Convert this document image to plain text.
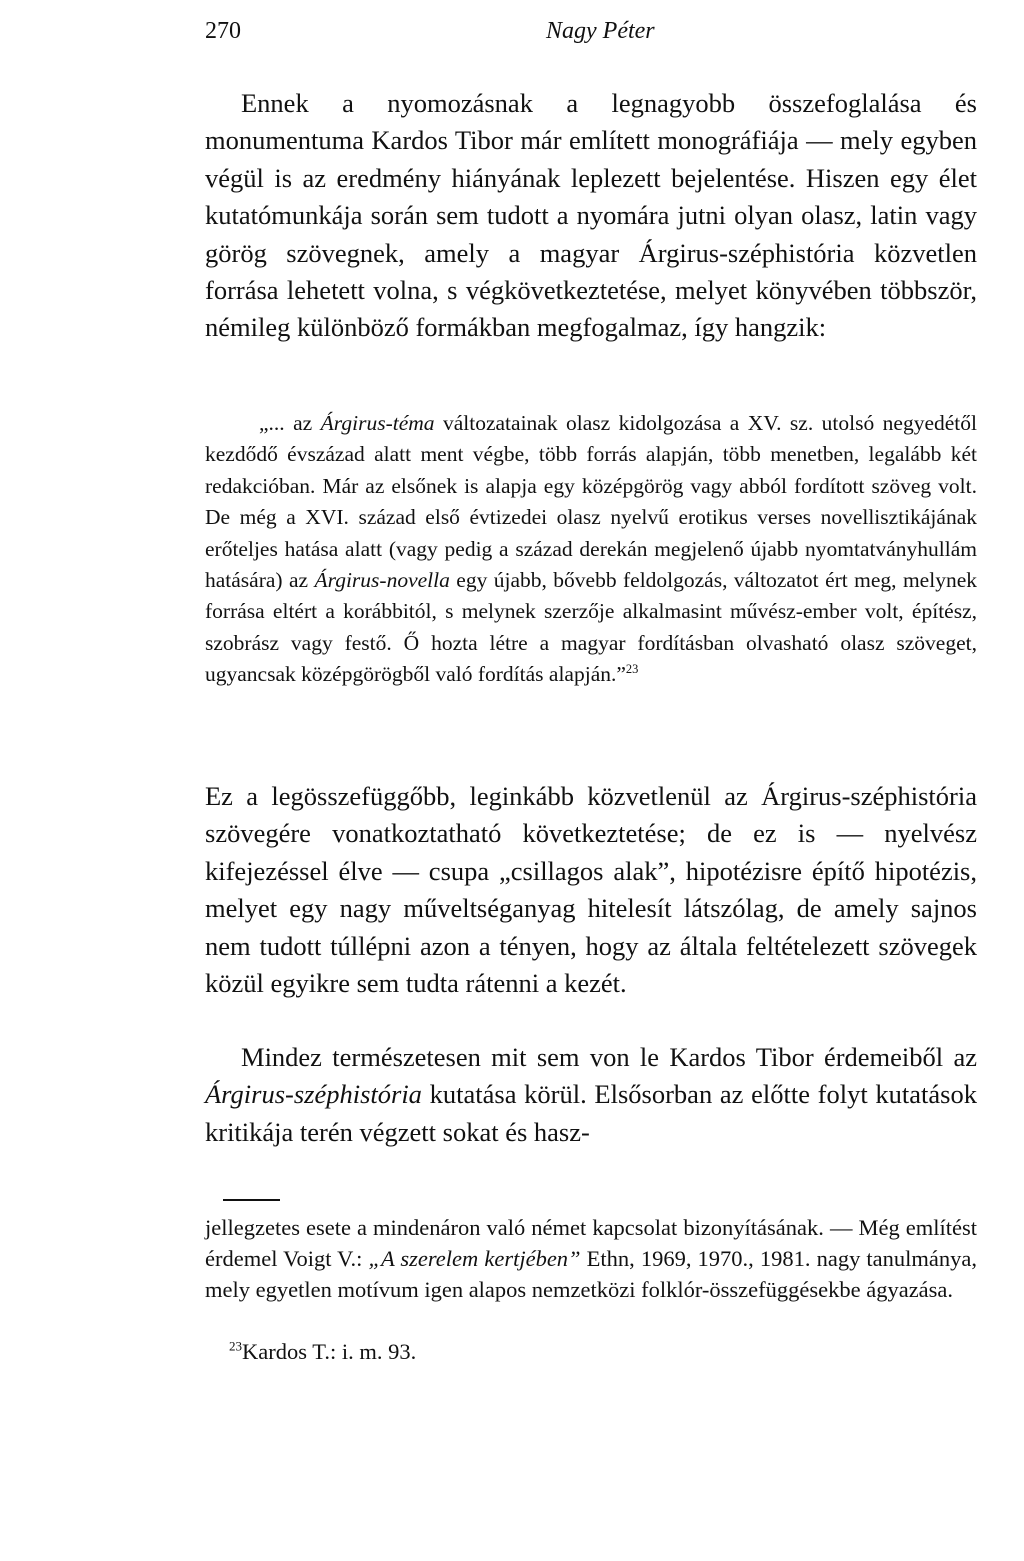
270	Nagy Péter

Ennek a nyomozásnak a legnagyobb összefoglalása és monumentuma Kardos Tibor már említett monográfiája — mely egyben végül is az eredmény hiányának leplezett bejelentése. Hiszen egy élet kutatómunkája során sem tudott a nyomára jutni olyan olasz, latin vagy görög szövegnek, amely a magyar Árgirus-széphistória közvetlen forrása lehetett volna, s végkövetkeztetése, melyet könyvében többször, némileg különböző formákban megfogalmaz, így hangzik:

„... az Árgirus-téma változatainak olasz kidolgozása a XV. sz. utolsó negyedétől kezdődő évszázad alatt ment végbe, több forrás alapján, több menetben, legalább két redakcióban. Már az elsőnek is alapja egy középgörög vagy abból fordított szöveg volt. De még a XVI. század első évtizedei olasz nyelvű erotikus verses novellisztikájának erőteljes hatása alatt (vagy pedig a század derekán megjelenő újabb nyomtatványhullám hatására) az Árgirus-novella egy újabb, bővebb feldolgozás, változatot ért meg, melynek forrása eltért a korábbitól, s melynek szerzője alkalmasint művész-ember volt, építész, szobrász vagy festő. Ő hozta létre a magyar fordításban olvasható olasz szöveget, ugyancsak középgörögből való fordítás alapján.”$^{23}$

Ez a legösszefüggőbb, leginkább közvetlenül az Árgirus-széphistória szövegére vonatkoztatható következtetése; de ez is — nyelvész kifejezéssel élve — csupa „csillagos alak”, hipotézisre építő hipotézis, melyet egy nagy műveltséganyag hitelesít látszólag, de amely sajnos nem tudott túllépni azon a tényen, hogy az általa feltételezett szövegek közül egyikre sem tudta rátenni a kezét.

Mindez természetesen mit sem von le Kardos Tibor érdemeiből az Árgirus-széphistória kutatása körül. Elsősorban az előtte folyt kutatások kritikája terén végzett sokat és hasz-

jellegzetes esete a mindenáron való német kapcsolat bizonyításának. — Még említést érdemel Voigt V.: „A szerelem kertjében” Ethn, 1969, 1970., 1981. nagy tanulmánya, mely egyetlen motívum igen alapos nemzetközi folklór-összefüggésekbe ágyazása.

$^{23}$Kardos T.: i. m. 93.
